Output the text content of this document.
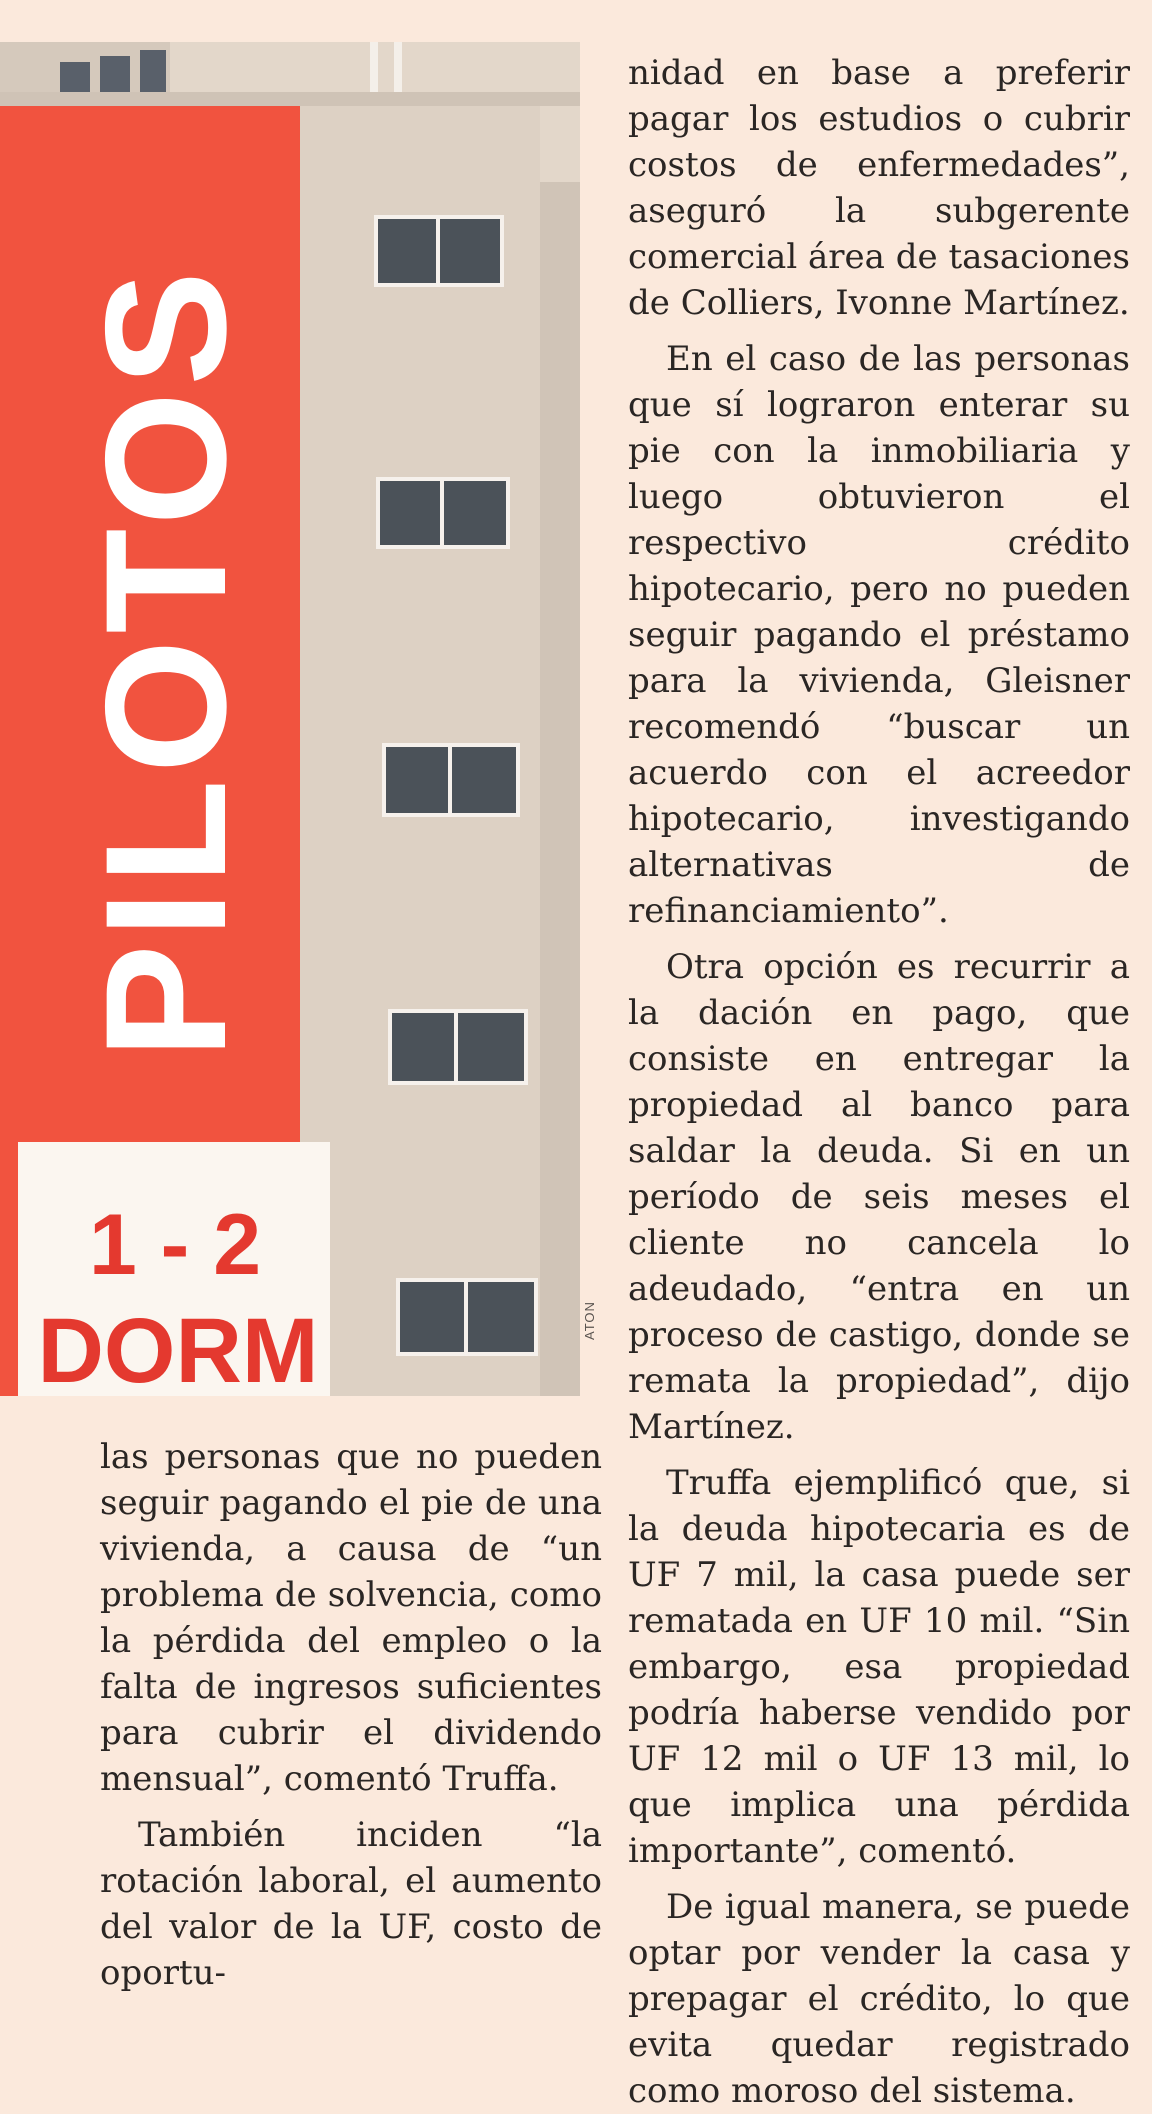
PILOTOS
1 - 2
DORM	ATON

nidad en base a preferir pagar los estudios o cubrir costos de enfermedades”, aseguró la subgerente comercial área de tasaciones de Colliers, Ivonne Martínez.

En el caso de las personas que sí lograron enterar su pie con la inmobiliaria y luego obtuvieron el respectivo crédito hipotecario, pero no pueden seguir pagando el préstamo para la vivienda, Gleisner recomendó “buscar un acuerdo con el acreedor hipotecario, investigando alternativas de refinanciamiento”.

Otra opción es recurrir a la dación en pago, que consiste en entregar la propiedad al banco para saldar la deuda. Si en un período de seis meses el cliente no cancela lo adeudado, “entra en un proceso de castigo, donde se remata la propiedad”, dijo Martínez.

Truffa ejemplificó que, si la deuda hipotecaria es de UF 7 mil, la casa puede ser rematada en UF 10 mil. “Sin embargo, esa propiedad podría haberse vendido por UF 12 mil o UF 13 mil, lo que implica una pérdida importante”, comentó.

De igual manera, se puede optar por vender la casa y prepagar el crédito, lo que evita quedar registrado como moroso del sistema.

las personas que no pueden seguir pagando el pie de una vivienda, a causa de “un problema de solvencia, como la pérdida del empleo o la falta de ingresos suficientes para cubrir el dividendo mensual”, comentó Truffa.

También inciden “la rotación laboral, el aumento del valor de la UF, costo de oportu-
